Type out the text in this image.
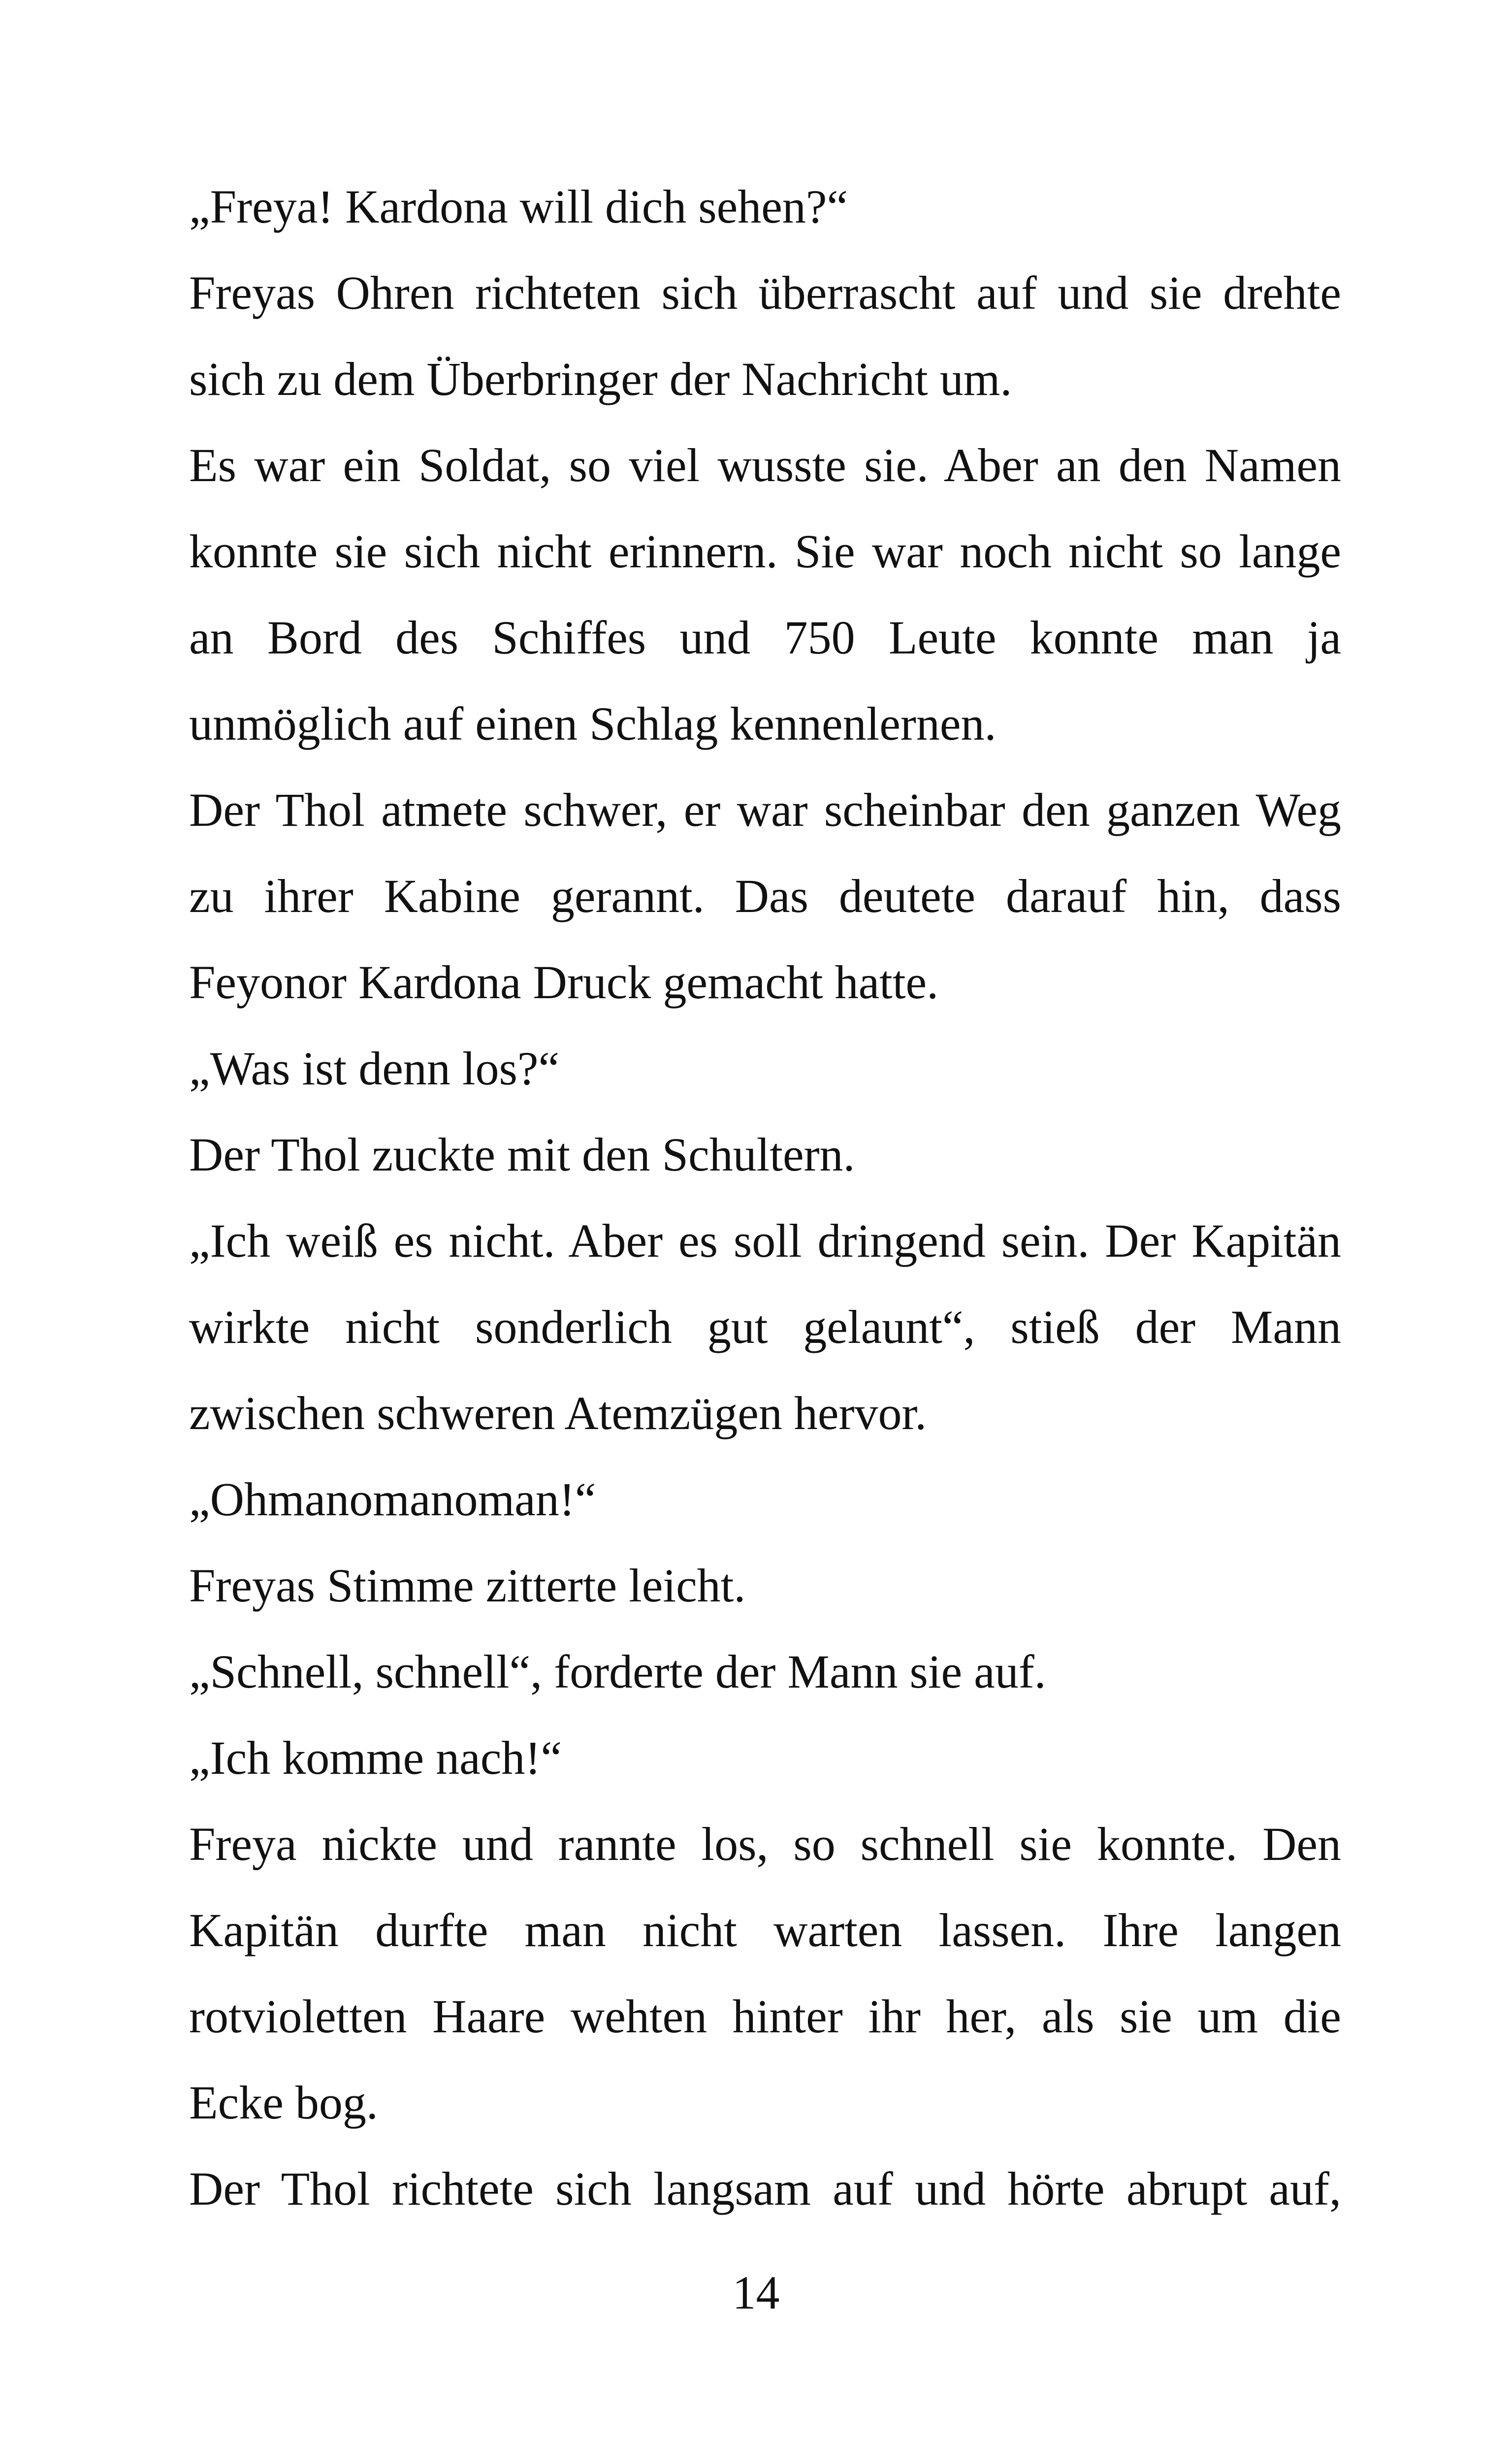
„Freya! Kardona will dich sehen?“
Freyas Ohren richteten sich überrascht auf und sie drehte
sich zu dem Überbringer der Nachricht um.
Es war ein Soldat, so viel wusste sie. Aber an den Namen
konnte sie sich nicht erinnern. Sie war noch nicht so lange
an Bord des Schiffes und 750 Leute konnte man ja
unmöglich auf einen Schlag kennenlernen.
Der Thol atmete schwer, er war scheinbar den ganzen Weg
zu ihrer Kabine gerannt. Das deutete darauf hin, dass
Feyonor Kardona Druck gemacht hatte.
„Was ist denn los?“
Der Thol zuckte mit den Schultern.
„Ich weiß es nicht. Aber es soll dringend sein. Der Kapitän
wirkte nicht sonderlich gut gelaunt“, stieß der Mann
zwischen schweren Atemzügen hervor.
„Ohmanomanoman!“
Freyas Stimme zitterte leicht.
„Schnell, schnell“, forderte der Mann sie auf.
„Ich komme nach!“
Freya nickte und rannte los, so schnell sie konnte. Den
Kapitän durfte man nicht warten lassen. Ihre langen
rotvioletten Haare wehten hinter ihr her, als sie um die
Ecke bog.
Der Thol richtete sich langsam auf und hörte abrupt auf,
14
